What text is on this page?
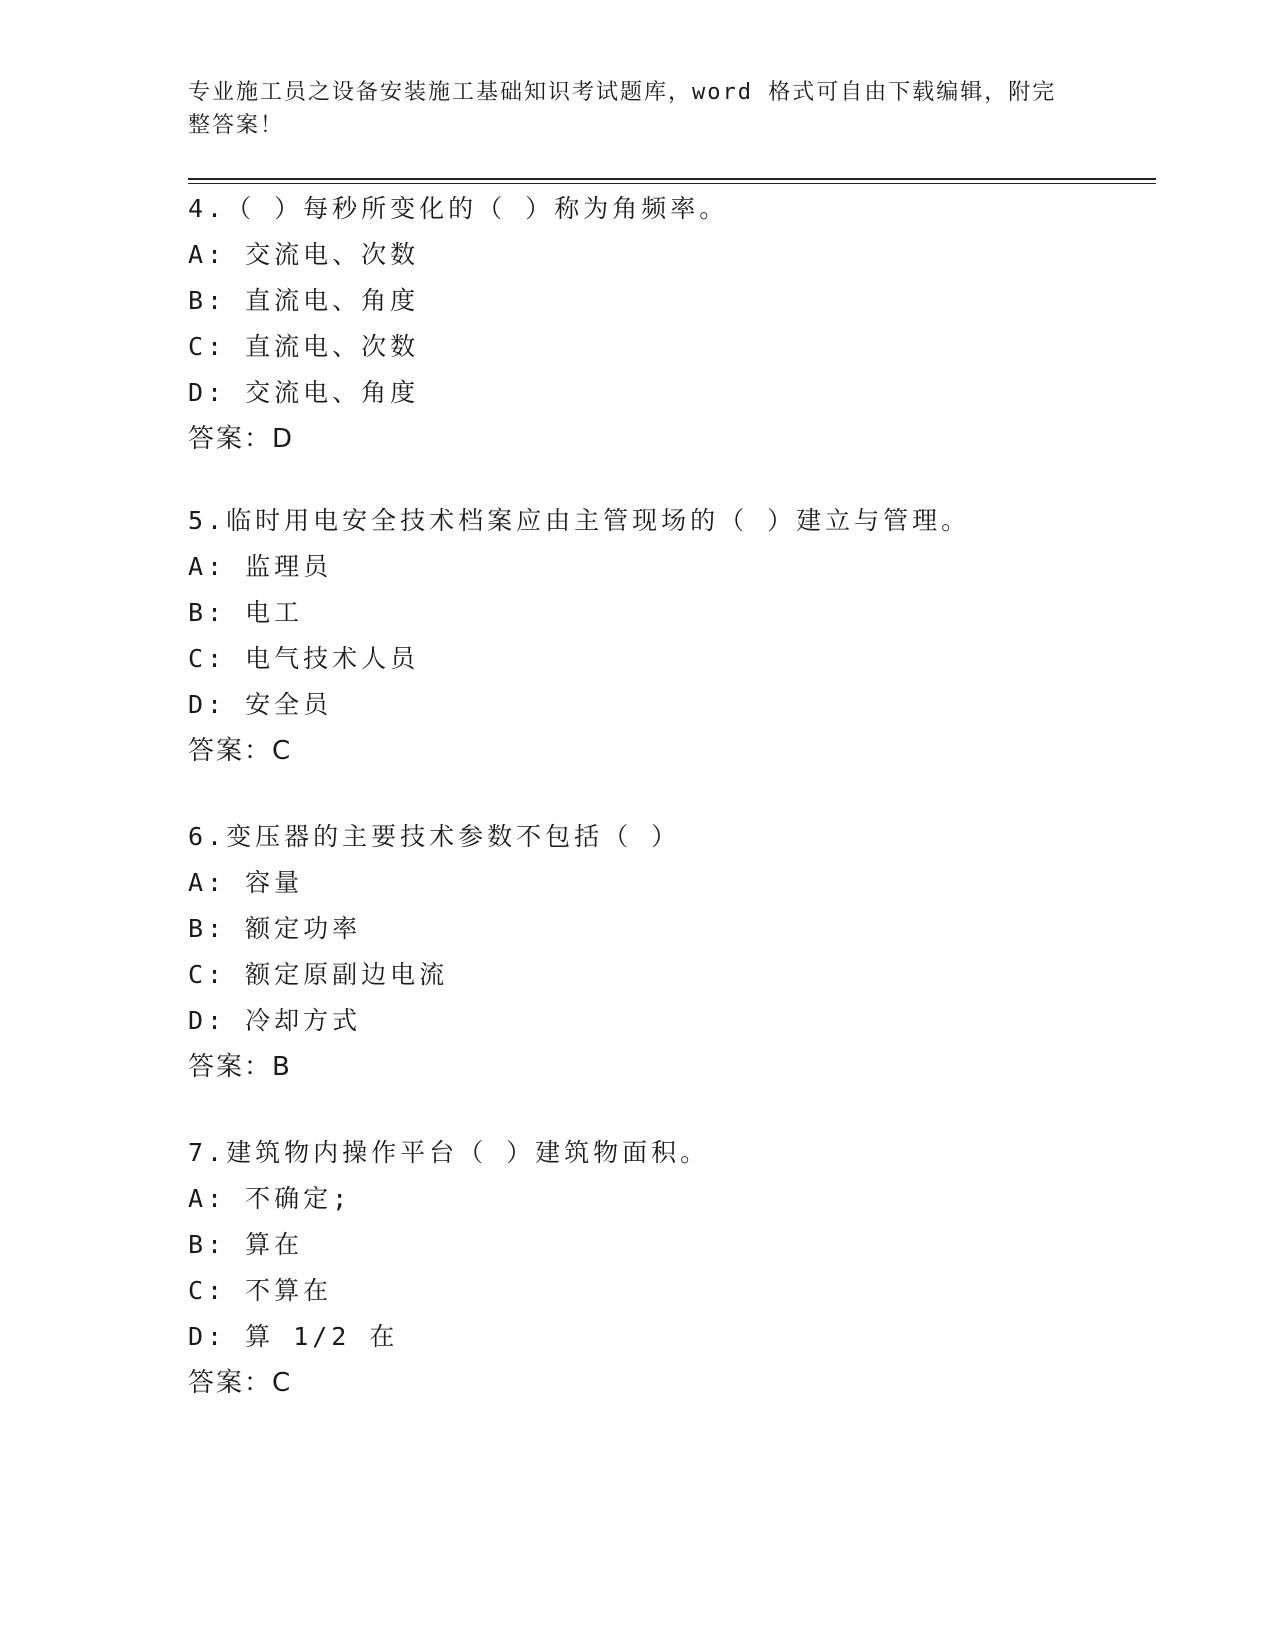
专业施工员之设备安装施工基础知识考试题库，word 格式可自由下载编辑，附完
整答案！
4.（ ）每秒所变化的（ ）称为角频率。
A: 交流电、次数
B: 直流电、角度
C: 直流电、次数
D: 交流电、角度
答案：D
5.临时用电安全技术档案应由主管现场的（ ）建立与管理。
A: 监理员
B: 电工
C: 电气技术人员
D: 安全员
答案：C
6.变压器的主要技术参数不包括（ ）
A: 容量
B: 额定功率
C: 额定原副边电流
D: 冷却方式
答案：B
7.建筑物内操作平台（ ）建筑物面积。
A: 不确定;
B: 算在
C: 不算在
D: 算 1/2 在
答案：C
